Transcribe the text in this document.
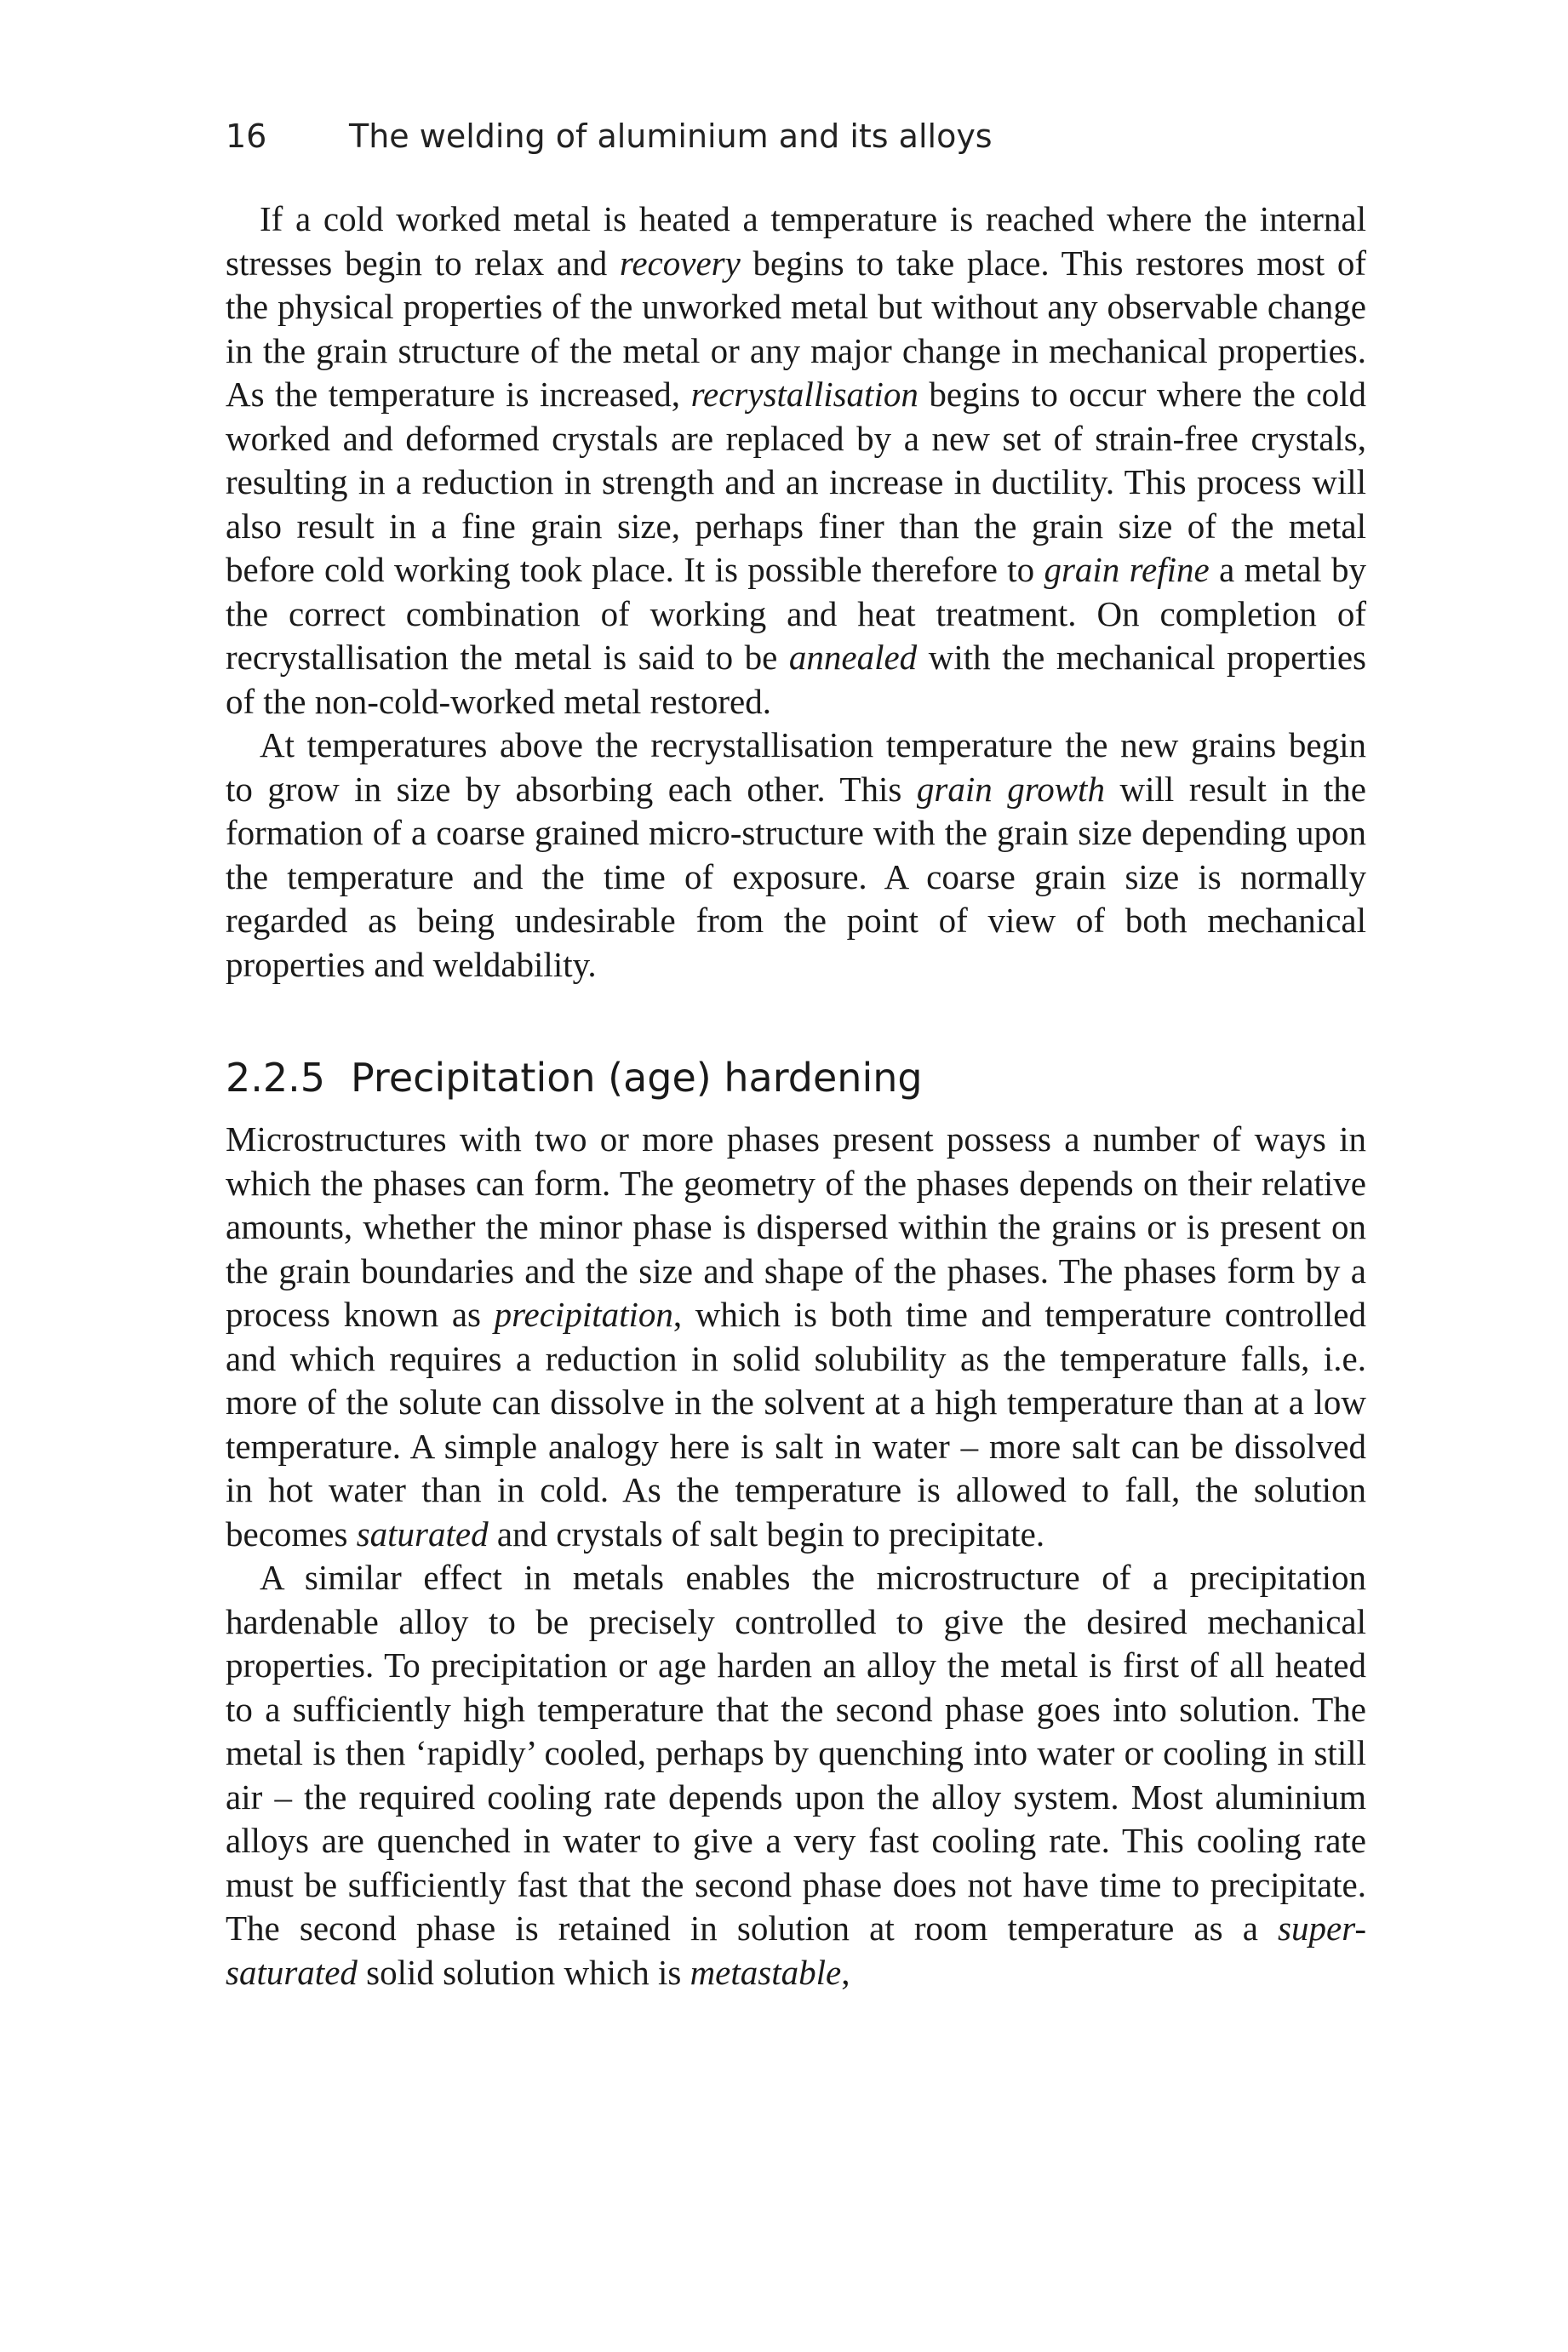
16	The welding of aluminium and its alloys

If a cold worked metal is heated a temperature is reached where the internal stresses begin to relax and recovery begins to take place. This restores most of the physical properties of the unworked metal but without any observable change in the grain structure of the metal or any major change in mechanical properties. As the temperature is increased, recrystallisation begins to occur where the cold worked and deformed crystals are replaced by a new set of strain-free crystals, resulting in a reduction in strength and an increase in ductility. This process will also result in a fine grain size, perhaps finer than the grain size of the metal before cold working took place. It is possible therefore to grain refine a metal by the correct combination of working and heat treatment. On completion of recrystallisation the metal is said to be annealed with the mechanical properties of the non-cold-worked metal restored.

At temperatures above the recrystallisation temperature the new grains begin to grow in size by absorbing each other. This grain growth will result in the formation of a coarse grained micro-structure with the grain size depending upon the temperature and the time of exposure. A coarse grain size is normally regarded as being undesirable from the point of view of both mechanical properties and weldability.

2.2.5 Precipitation (age) hardening

Microstructures with two or more phases present possess a number of ways in which the phases can form. The geometry of the phases depends on their relative amounts, whether the minor phase is dispersed within the grains or is present on the grain boundaries and the size and shape of the phases. The phases form by a process known as precipitation, which is both time and temperature controlled and which requires a reduction in solid solubility as the temperature falls, i.e. more of the solute can dissolve in the solvent at a high temperature than at a low temperature. A simple analogy here is salt in water – more salt can be dissolved in hot water than in cold. As the temperature is allowed to fall, the solution becomes saturated and crystals of salt begin to precipitate.

A similar effect in metals enables the microstructure of a precipitation hardenable alloy to be precisely controlled to give the desired mechanical properties. To precipitation or age harden an alloy the metal is first of all heated to a sufficiently high temperature that the second phase goes into solution. The metal is then ‘rapidly’ cooled, perhaps by quenching into water or cooling in still air – the required cooling rate depends upon the alloy system. Most aluminium alloys are quenched in water to give a very fast cooling rate. This cooling rate must be sufficiently fast that the second phase does not have time to precipitate. The second phase is retained in solution at room temperature as a super-saturated solid solution which is metastable,
